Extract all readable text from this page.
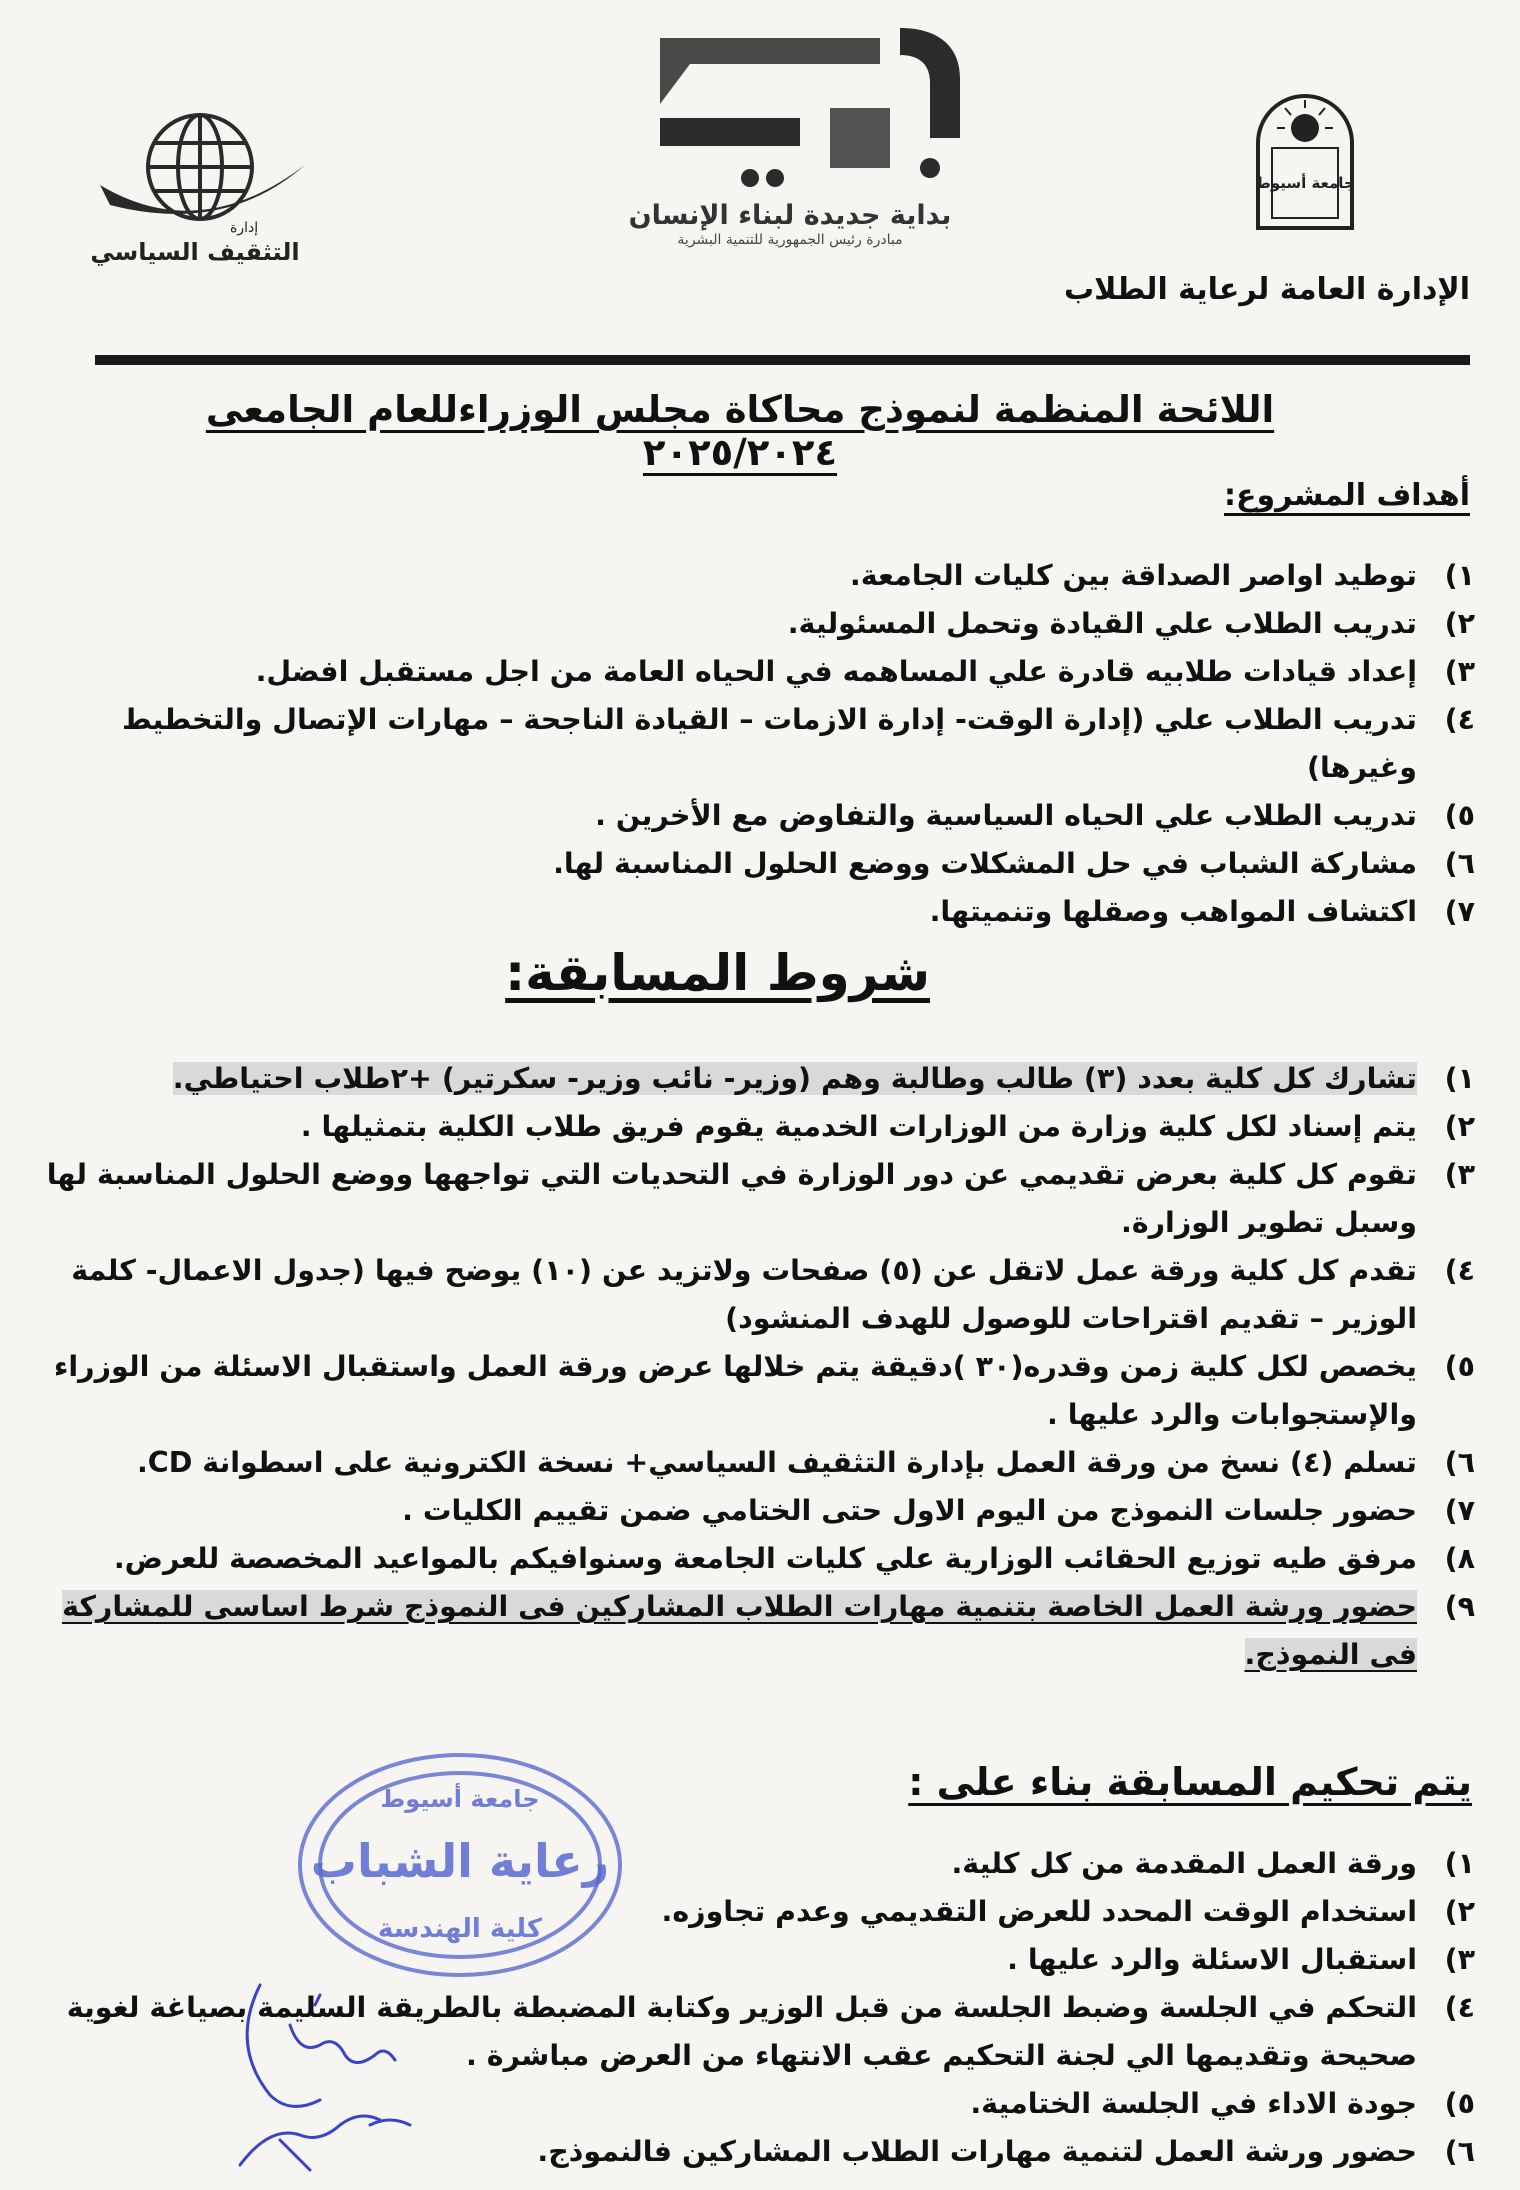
بداية جديدة لبناء الإنسان
مبادرة رئيس الجمهورية للتنمية البشرية
إدارة
التثقيف السياسي
جامعة أسيوط
الإدارة العامة لرعاية الطلاب
اللائحة المنظمة لنموذج محاكاة مجلس الوزراءللعام الجامعى ٢٠٢٥/٢٠٢٤
أهداف المشروع:
١)
توطيد اواصر الصداقة بين كليات الجامعة.
٢)
تدريب الطلاب علي القيادة وتحمل المسئولية.
٣)
إعداد قيادات طلابيه قادرة علي المساهمه في الحياه العامة من اجل مستقبل افضل.
٤)
تدريب الطلاب علي (إدارة الوقت- إدارة الازمات – القيادة الناجحة – مهارات الإتصال والتخطيط وغيرها)
٥)
تدريب الطلاب علي الحياه السياسية والتفاوض مع الأخرين .
٦)
مشاركة الشباب في حل المشكلات ووضع الحلول المناسبة لها.
٧)
اكتشاف المواهب وصقلها وتنميتها.
شروط المسابقة:
١)
تشارك كل كلية بعدد (٣) طالب وطالبة وهم (وزير- نائب وزير- سكرتير) +٢طلاب احتياطي.
٢)
يتم إسناد لكل كلية وزارة من الوزارات الخدمية يقوم فريق طلاب الكلية بتمثيلها .
٣)
تقوم كل كلية بعرض تقديمي عن دور الوزارة في التحديات التي تواجهها ووضع الحلول المناسبة لها وسبل تطوير الوزارة.
٤)
تقدم كل كلية ورقة عمل لاتقل عن (٥) صفحات ولاتزيد عن (١٠) يوضح فيها (جدول الاعمال- كلمة الوزير – تقديم اقتراحات للوصول للهدف المنشود)
٥)
يخصص لكل كلية زمن وقدره(٣٠ )دقيقة يتم خلالها عرض ورقة العمل واستقبال الاسئلة من الوزراء والإستجوابات والرد عليها .
٦)
تسلم (٤) نسخ من ورقة العمل بإدارة التثقيف السياسي+ نسخة الكترونية على اسطوانة CD.
٧)
حضور جلسات النموذج من اليوم الاول حتى الختامي ضمن تقييم الكليات .
٨)
مرفق طيه توزيع الحقائب الوزارية علي كليات الجامعة وسنوافيكم بالمواعيد المخصصة للعرض.
٩)
حضور ورشة العمل الخاصة بتنمية مهارات الطلاب المشاركين فى النموذج شرط اساسى للمشاركة فى النموذج.
يتم تحكيم المسابقة بناء على :
١)
ورقة العمل المقدمة من كل كلية.
٢)
استخدام الوقت المحدد للعرض التقديمي وعدم تجاوزه.
٣)
استقبال الاسئلة والرد عليها .
٤)
التحكم في الجلسة وضبط الجلسة من قبل الوزير وكتابة المضبطة بالطريقة السليمة بصياغة لغوية صحيحة وتقديمها الي لجنة التحكيم عقب الانتهاء من العرض مباشرة .
٥)
جودة الاداء في الجلسة الختامية.
٦)
حضور ورشة العمل لتنمية مهارات الطلاب المشاركين فالنموذج.
جامعة أسيوط
رعاية الشباب
كلية الهندسة
